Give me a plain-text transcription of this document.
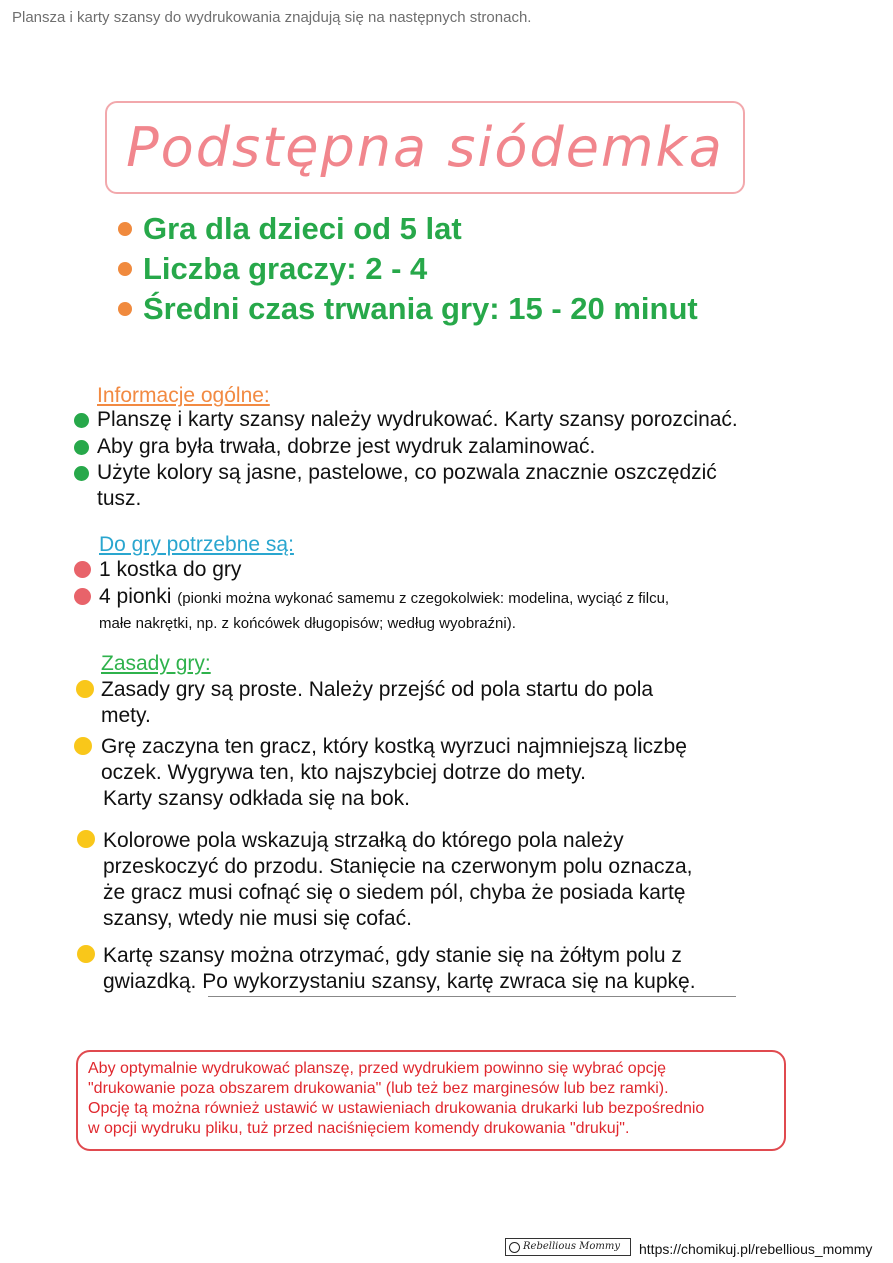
Plansza i karty szansy do wydrukowania znajdują się na następnych stronach.
Podstępna siódemka
Gra dla dzieci od 5 lat
Liczba graczy: 2 - 4
Średni czas trwania gry: 15 - 20 minut
Informacje ogólne:
Planszę i karty szansy należy wydrukować. Karty szansy porozcinać.
Aby gra była trwała, dobrze jest wydruk zalaminować.
Użyte kolory są jasne, pastelowe, co pozwala znacznie oszczędzić
tusz.
Do gry potrzebne są:
1 kostka do gry
4 pionki (pionki można wykonać samemu z czegokolwiek: modelina, wyciąć z filcu,
małe nakrętki, np. z końcówek długopisów; według wyobraźni).
Zasady gry:
Zasady gry są proste. Należy przejść od pola startu do pola
mety.
Grę zaczyna ten gracz, który kostką wyrzuci najmniejszą liczbę
oczek. Wygrywa ten, kto najszybciej dotrze do mety.
Karty szansy odkłada się na bok.
Kolorowe pola wskazują strzałką do którego pola należy
przeskoczyć do przodu. Stanięcie na czerwonym polu oznacza,
że gracz musi cofnąć się o siedem pól, chyba że posiada kartę
szansy, wtedy nie musi się cofać.
Kartę szansy można otrzymać, gdy stanie się na żółtym polu z
gwiazdką. Po wykorzystaniu szansy, kartę zwraca się na kupkę.
Aby optymalnie wydrukować planszę, przed wydrukiem powinno się wybrać opcję
"drukowanie poza obszarem drukowania" (lub też bez marginesów lub bez ramki).
Opcję tą można również ustawić w ustawieniach drukowania drukarki lub bezpośrednio
w opcji wydruku pliku, tuż przed naciśnięciem komendy drukowania "drukuj".
Rebellious Mommy https://chomikuj.pl/rebellious_mommy
